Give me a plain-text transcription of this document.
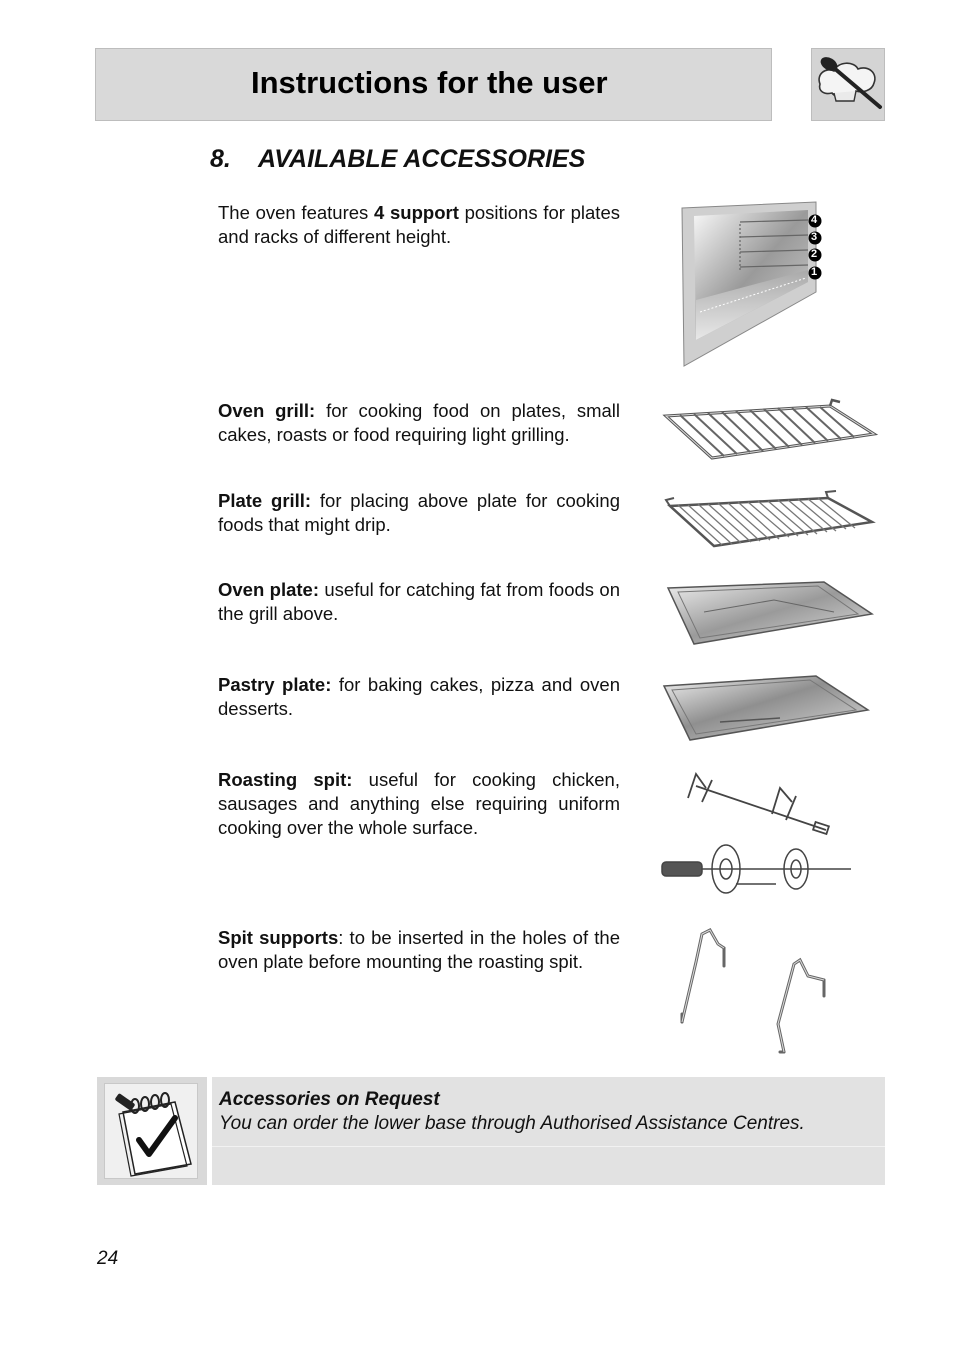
Instructions for the user
8. AVAILABLE ACCESSORIES
The oven features 4 support positions for plates and racks of different height.
4
3
2
1
Oven grill: for cooking food on plates, small cakes, roasts or food requiring light grilling.
Plate grill: for placing above plate for cooking foods that might drip.
Oven plate: useful for catching fat from foods on the grill above.
Pastry plate: for baking cakes, pizza and oven desserts.
Roasting spit: useful for cooking chicken, sausages and anything else requiring uniform cooking over the whole surface.
Spit supports: to be inserted in the holes of the oven plate before mounting the roasting spit.
Accessories on Request
You can order the lower base through Authorised Assistance Centres.
24
